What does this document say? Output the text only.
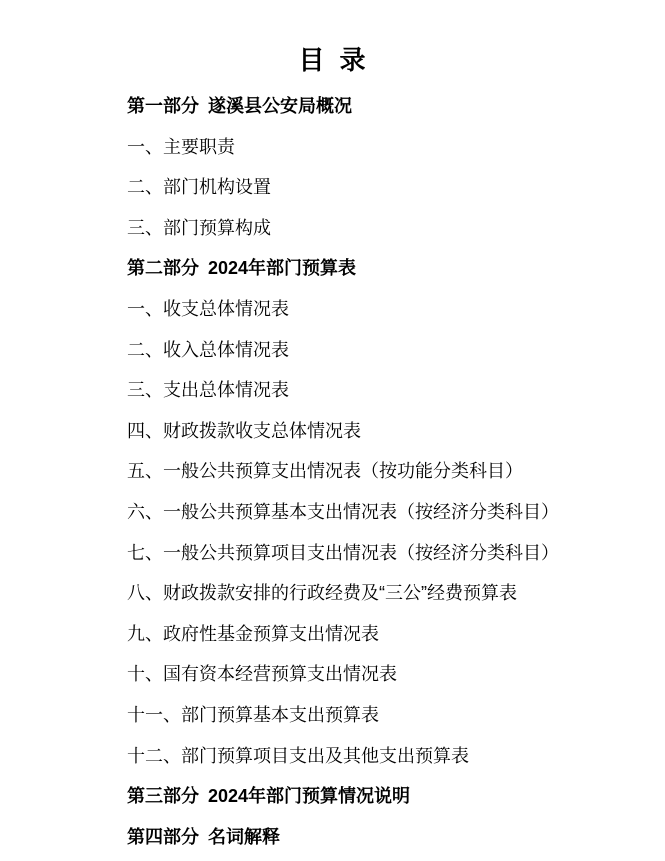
目 录
第一部分 遂溪县公安局概况
一、主要职责
二、部门机构设置
三、部门预算构成
第二部分 2024年部门预算表
一、收支总体情况表
二、收入总体情况表
三、支出总体情况表
四、财政拨款收支总体情况表
五、一般公共预算支出情况表（按功能分类科目）
六、一般公共预算基本支出情况表（按经济分类科目）
七、一般公共预算项目支出情况表（按经济分类科目）
八、财政拨款安排的行政经费及“三公”经费预算表
九、政府性基金预算支出情况表
十、国有资本经营预算支出情况表
十一、部门预算基本支出预算表
十二、部门预算项目支出及其他支出预算表
第三部分 2024年部门预算情况说明
第四部分 名词解释
